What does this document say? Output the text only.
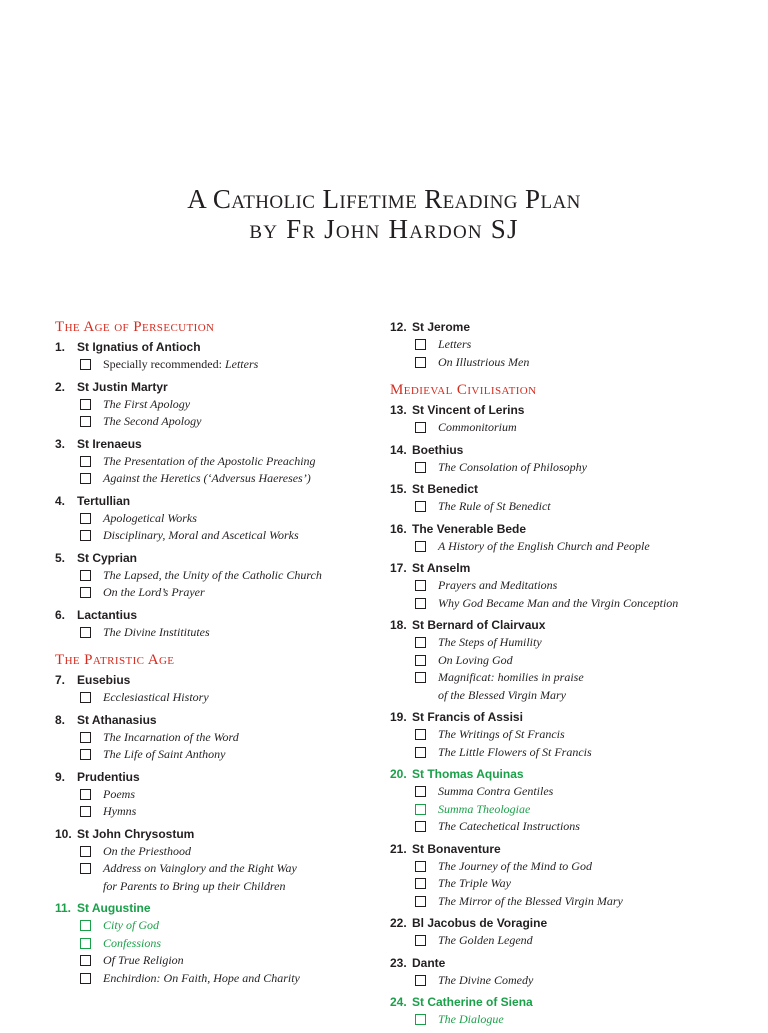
A Catholic Lifetime Reading Plan
by Fr John Hardon SJ
The Age of Persecution
1. St Ignatius of Antioch
Specially recommended: Letters
2. St Justin Martyr
The First Apology
The Second Apology
3. St Irenaeus
The Presentation of the Apostolic Preaching
Against the Heretics (‘Adversus Haereses’)
4. Tertullian
Apologetical Works
Disciplinary, Moral and Ascetical Works
5. St Cyprian
The Lapsed, the Unity of the Catholic Church
On the Lord’s Prayer
6. Lactantius
The Divine Instititutes
The Patristic Age
7. Eusebius
Ecclesiastical History
8. St Athanasius
The Incarnation of the Word
The Life of Saint Anthony
9. Prudentius
Poems
Hymns
10. St John Chrysostum
On the Priesthood
Address on Vainglory and the Right Way
for Parents to Bring up their Children
11. St Augustine
City of God
Confessions
Of True Religion
Enchirdion: On Faith, Hope and Charity
12. St Jerome
Letters
On Illustrious Men
Medieval Civilisation
13. St Vincent of Lerins
Commonitorium
14. Boethius
The Consolation of Philosophy
15. St Benedict
The Rule of St Benedict
16. The Venerable Bede
A History of the English Church and People
17. St Anselm
Prayers and Meditations
Why God Became Man and the Virgin Conception
18. St Bernard of Clairvaux
The Steps of Humility
On Loving God
Magnificat: homilies in praise
of the Blessed Virgin Mary
19. St Francis of Assisi
The Writings of St Francis
The Little Flowers of St Francis
20. St Thomas Aquinas
Summa Contra Gentiles
Summa Theologiae
The Catechetical Instructions
21. St Bonaventure
The Journey of the Mind to God
The Triple Way
The Mirror of the Blessed Virgin Mary
22. Bl Jacobus de Voragine
The Golden Legend
23. Dante
The Divine Comedy
24. St Catherine of Siena
The Dialogue
